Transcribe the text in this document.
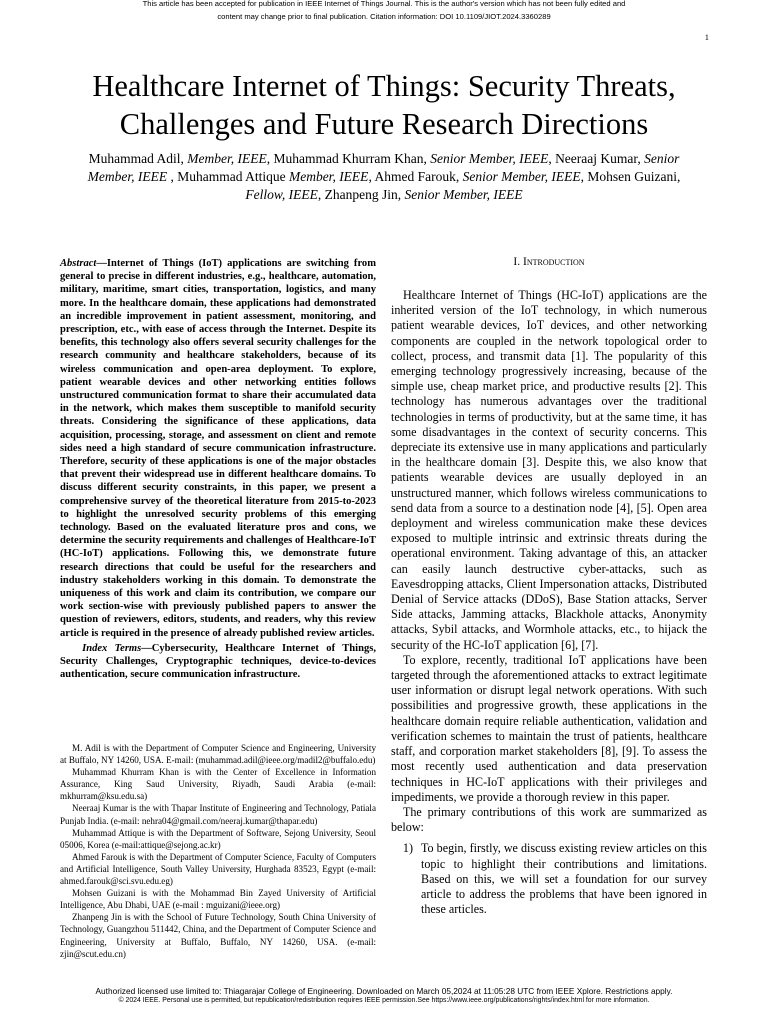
This article has been accepted for publication in IEEE Internet of Things Journal. This is the author's version which has not been fully edited and
content may change prior to final publication. Citation information: DOI 10.1109/JIOT.2024.3360289
1
Healthcare Internet of Things: Security Threats,
Challenges and Future Research Directions
Muhammad Adil, Member, IEEE, Muhammad Khurram Khan, Senior Member, IEEE, Neeraaj Kumar, Senior Member, IEEE , Muhammad Attique Member, IEEE, Ahmed Farouk, Senior Member, IEEE, Mohsen Guizani, Fellow, IEEE, Zhanpeng Jin, Senior Member, IEEE
Abstract—Internet of Things (IoT) applications are switching from general to precise in different industries, e.g., healthcare, automation, military, maritime, smart cities, transportation, logistics, and many more. In the healthcare domain, these applications had demonstrated an incredible improvement in patient assessment, monitoring, and prescription, etc., with ease of access through the Internet. Despite its benefits, this technology also offers several security challenges for the research community and healthcare stakeholders, because of its wireless communication and open-area deployment. To explore, patient wearable devices and other networking entities follows unstructured communication format to share their accumulated data in the network, which makes them susceptible to manifold security threats. Considering the significance of these applications, data acquisition, processing, storage, and assessment on client and remote sides need a high standard of secure communication infrastructure. Therefore, security of these applications is one of the major obstacles that prevent their widespread use in different healthcare domains. To discuss different security constraints, in this paper, we present a comprehensive survey of the theoretical literature from 2015-to-2023 to highlight the unresolved security problems of this emerging technology. Based on the evaluated literature pros and cons, we determine the security requirements and challenges of Healthcare-IoT (HC-IoT) applications. Following this, we demonstrate future research directions that could be useful for the researchers and industry stakeholders working in this domain. To demonstrate the uniqueness of this work and claim its contribution, we compare our work section-wise with previously published papers to answer the question of reviewers, editors, students, and readers, why this review article is required in the presence of already published review articles.
Index Terms—Cybersecurity, Healthcare Internet of Things, Security Challenges, Cryptographic techniques, device-to-devices authentication, secure communication infrastructure.

M. Adil is with the Department of Computer Science and Engineering, University at Buffalo, NY 14260, USA. E-mail: (muhammad.adil@ieee.org/madil2@buffalo.edu)

Muhammad Khurram Khan is with the Center of Excellence in Information Assurance, King Saud University, Riyadh, Saudi Arabia (e-mail: mkhurram@ksu.edu.sa)

Neeraaj Kumar is the with Thapar Institute of Engineering and Technology, Patiala Punjab India. (e-mail: nehra04@gmail.com/neeraj.kumar@thapar.edu)

Muhammad Attique is with the Department of Software, Sejong University, Seoul 05006, Korea (e-mail:attique@sejong.ac.kr)

Ahmed Farouk is with the Department of Computer Science, Faculty of Computers and Artificial Intelligence, South Valley University, Hurghada 83523, Egypt (e-mail: ahmed.farouk@sci.svu.edu.eg)

Mohsen Guizani is with the Mohammad Bin Zayed University of Artificial Intelligence, Abu Dhabi, UAE (e-mail : mguizani@ieee.org)

Zhanpeng Jin is with the School of Future Technology, South China University of Technology, Guangzhou 511442, China, and the Department of Computer Science and Engineering, University at Buffalo, Buffalo, NY 14260, USA. (e-mail: zjin@scut.edu.cn)

I. Introduction

Healthcare Internet of Things (HC-IoT) applications are the inherited version of the IoT technology, in which numerous patient wearable devices, IoT devices, and other networking components are coupled in the network topological order to collect, process, and transmit data [1]. The popularity of this emerging technology progressively increasing, because of the simple use, cheap market price, and productive results [2]. This technology has numerous advantages over the traditional technologies in terms of productivity, but at the same time, it has some disadvantages in the context of security concerns. This depreciate its extensive use in many applications and particularly in the healthcare domain [3]. Despite this, we also know that patients wearable devices are usually deployed in an unstructured manner, which follows wireless communications to send data from a source to a destination node [4], [5]. Open area deployment and wireless communication make these devices exposed to multiple intrinsic and extrinsic threats during the operational environment. Taking advantage of this, an attacker can easily launch destructive cyber-attacks, such as Eavesdropping attacks, Client Impersonation attacks, Distributed Denial of Service attacks (DDoS), Base Station attacks, Server Side attacks, Jamming attacks, Blackhole attacks, Anonymity attacks, Sybil attacks, and Wormhole attacks, etc., to hijack the security of the HC-IoT application [6], [7].

To explore, recently, traditional IoT applications have been targeted through the aforementioned attacks to extract legitimate user information or disrupt legal network operations. With such possibilities and progressive growth, these applications in the healthcare domain require reliable authentication, validation and verification schemes to maintain the trust of patients, healthcare staff, and corporation market stakeholders [8], [9]. To assess the most recently used authentication and data preservation techniques in HC-IoT applications with their privileges and impediments, we provide a thorough review in this paper.

The primary contributions of this work are summarized as below:

1) To begin, firstly, we discuss existing review articles on this topic to highlight their contributions and limitations. Based on this, we will set a foundation for our survey article to address the problems that have been ignored in these articles.
Authorized licensed use limited to: Thiagarajar College of Engineering. Downloaded on March 05,2024 at 11:05:28 UTC from IEEE Xplore. Restrictions apply.
© 2024 IEEE. Personal use is permitted, but republication/redistribution requires IEEE permission.See https://www.ieee.org/publications/rights/index.html for more information.
